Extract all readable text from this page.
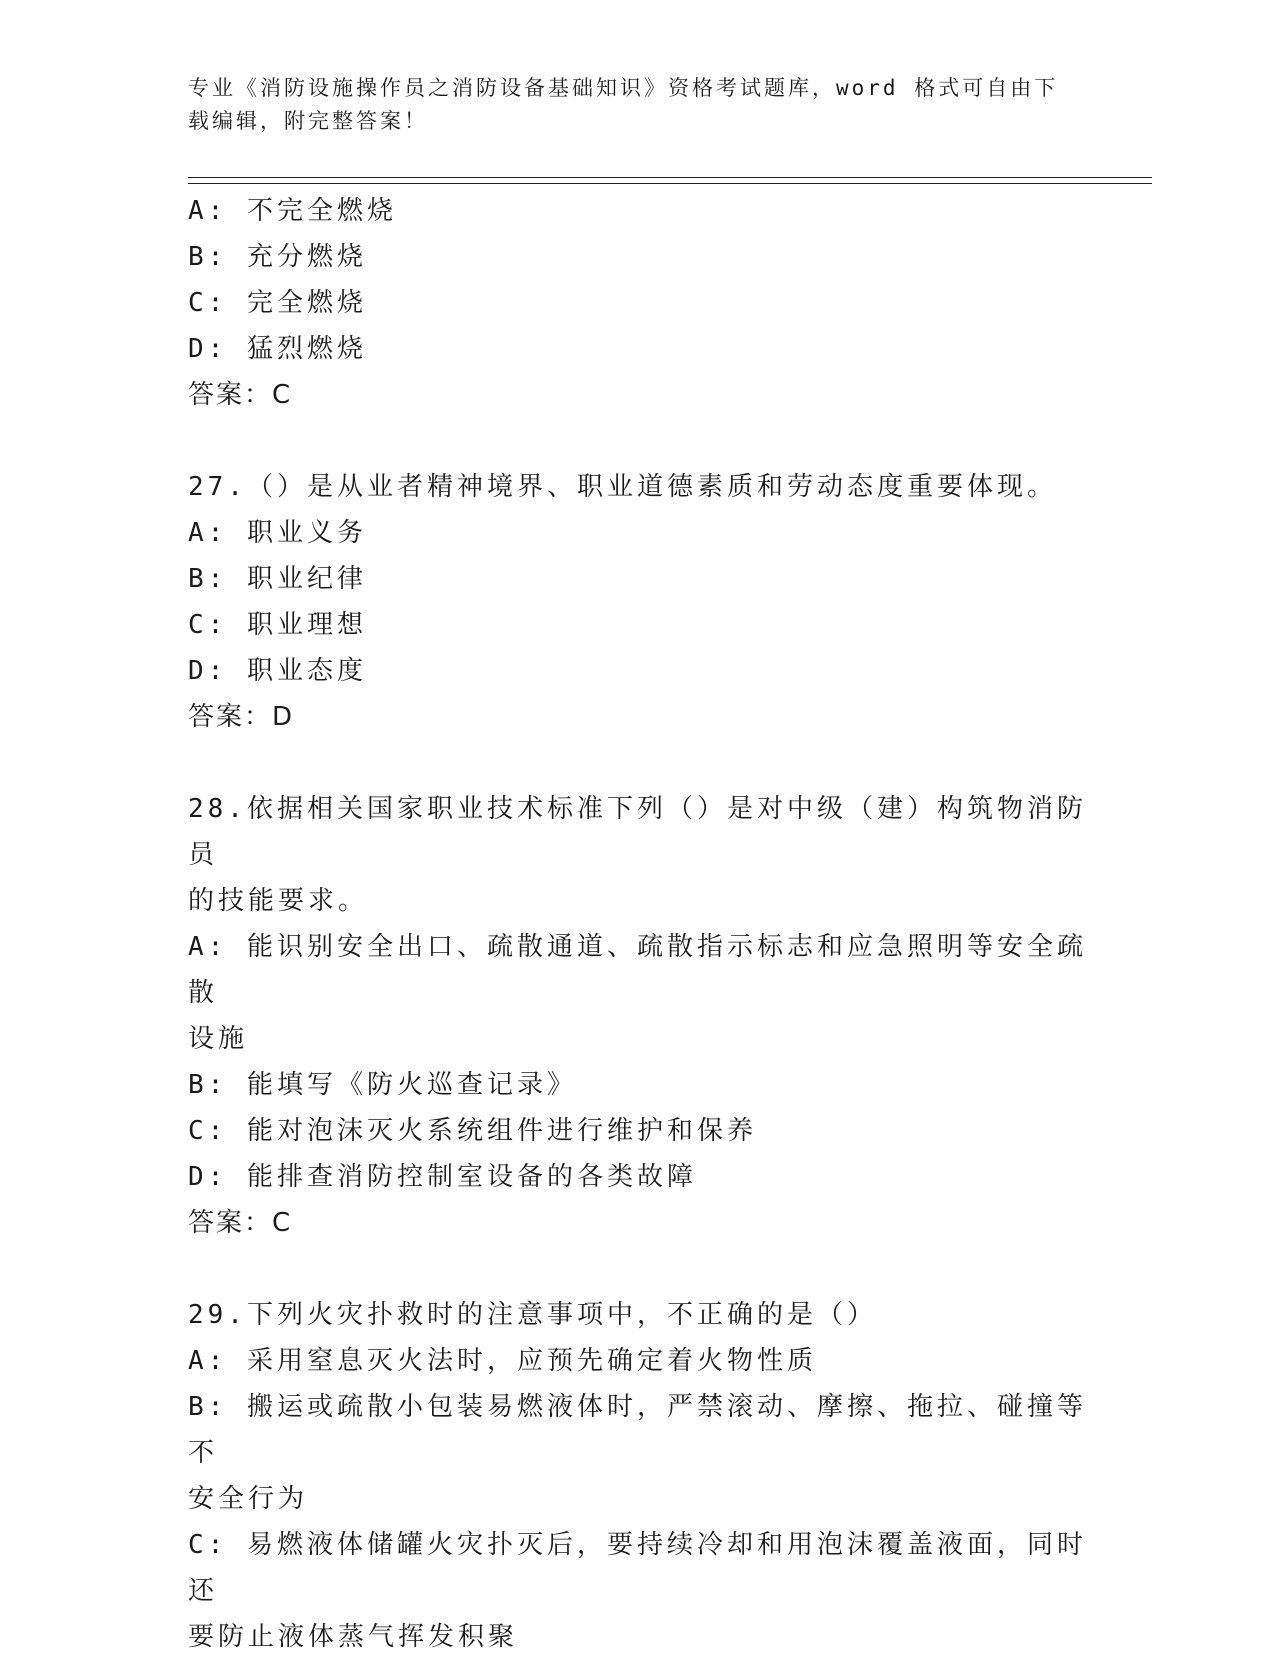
专业《消防设施操作员之消防设备基础知识》资格考试题库，word 格式可自由下
载编辑，附完整答案！
A: 不完全燃烧
B: 充分燃烧
C: 完全燃烧
D: 猛烈燃烧
答案：C
27.（）是从业者精神境界、职业道德素质和劳动态度重要体现。
A: 职业义务
B: 职业纪律
C: 职业理想
D: 职业态度
答案：D
28.依据相关国家职业技术标准下列（）是对中级（建）构筑物消防员
的技能要求。
A: 能识别安全出口、疏散通道、疏散指示标志和应急照明等安全疏散
设施
B: 能填写《防火巡查记录》
C: 能对泡沫灭火系统组件进行维护和保养
D: 能排查消防控制室设备的各类故障
答案：C
29.下列火灾扑救时的注意事项中，不正确的是（）
A: 采用窒息灭火法时，应预先确定着火物性质
B: 搬运或疏散小包装易燃液体时，严禁滚动、摩擦、拖拉、碰撞等不
安全行为
C: 易燃液体储罐火灾扑灭后，要持续冷却和用泡沫覆盖液面，同时还
要防止液体蒸气挥发积聚
